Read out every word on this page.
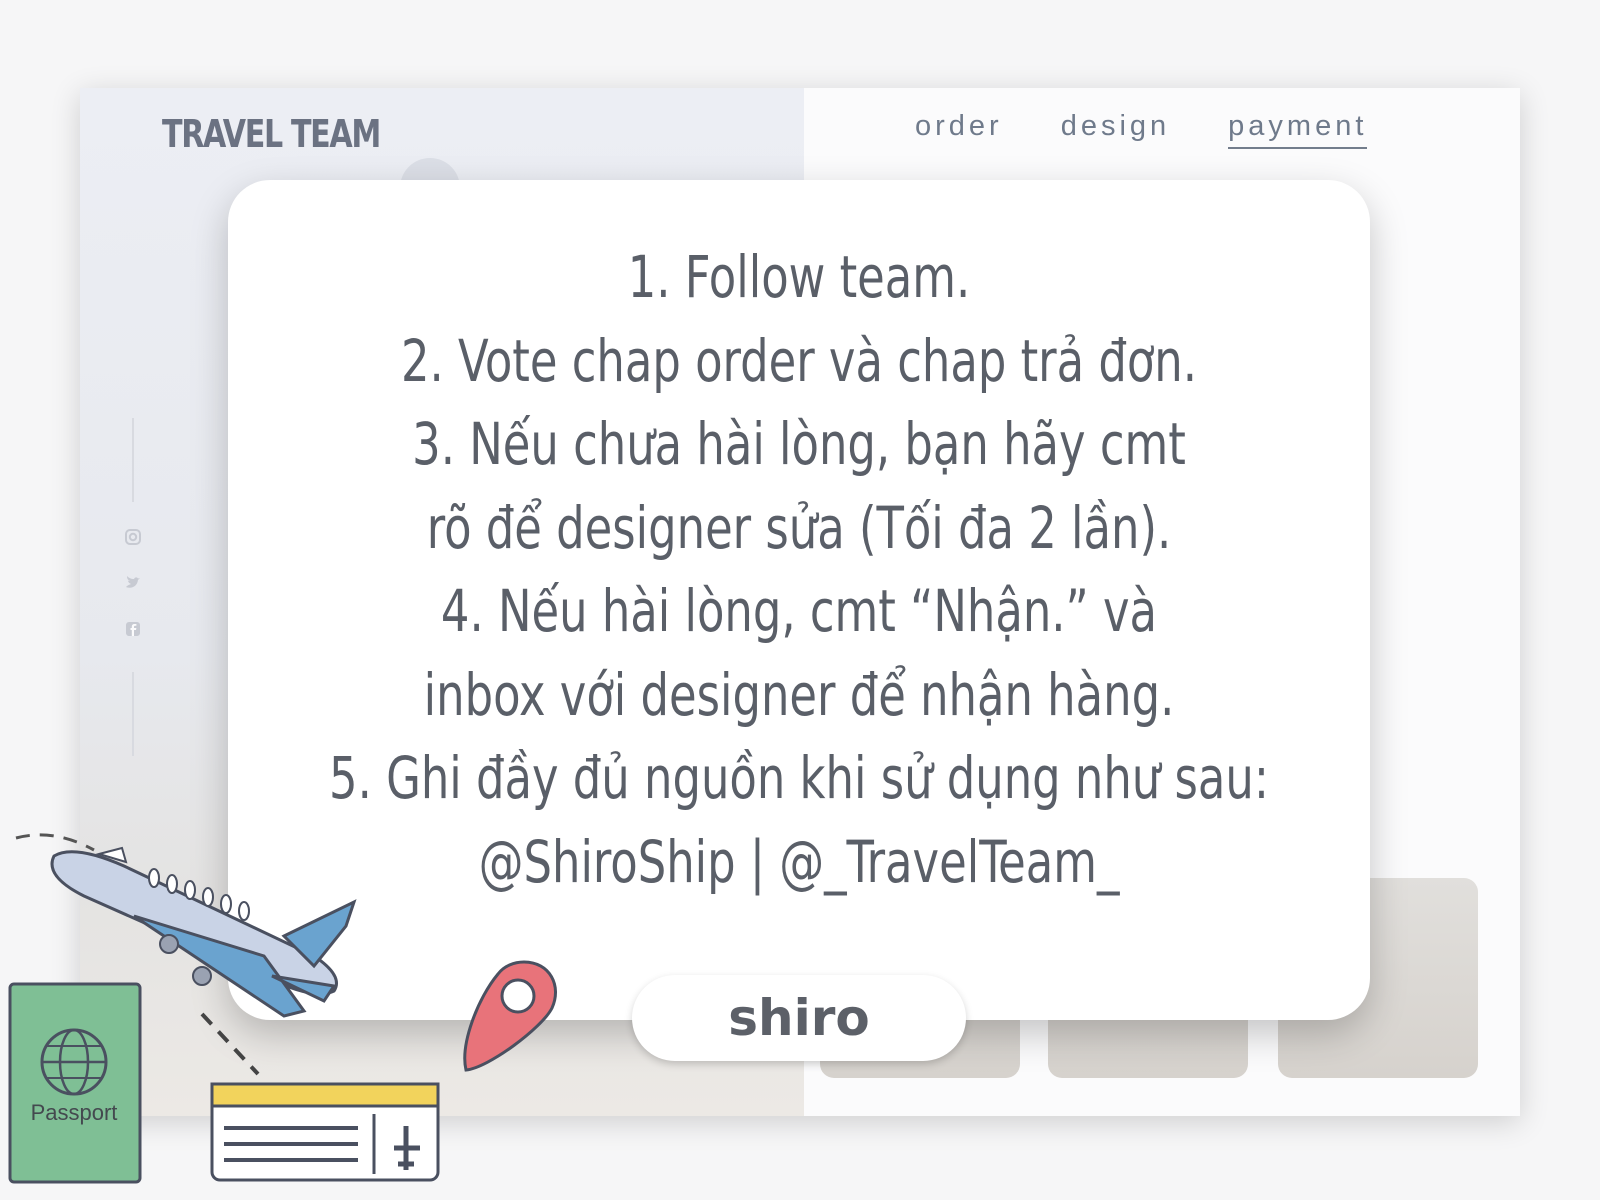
TRAVEL TEAM	order design payment
1. Follow team.
2. Vote chap order và chap trả đơn.
3. Nếu chưa hài lòng, bạn hãy cmt
rõ để designer sửa (Tối đa 2 lần).
4. Nếu hài lòng, cmt “Nhận.” và
inbox với designer để nhận hàng.
5. Ghi đầy đủ nguồn khi sử dụng như sau:
@ShiroShip | @_TravelTeam_
shiro
Passport
